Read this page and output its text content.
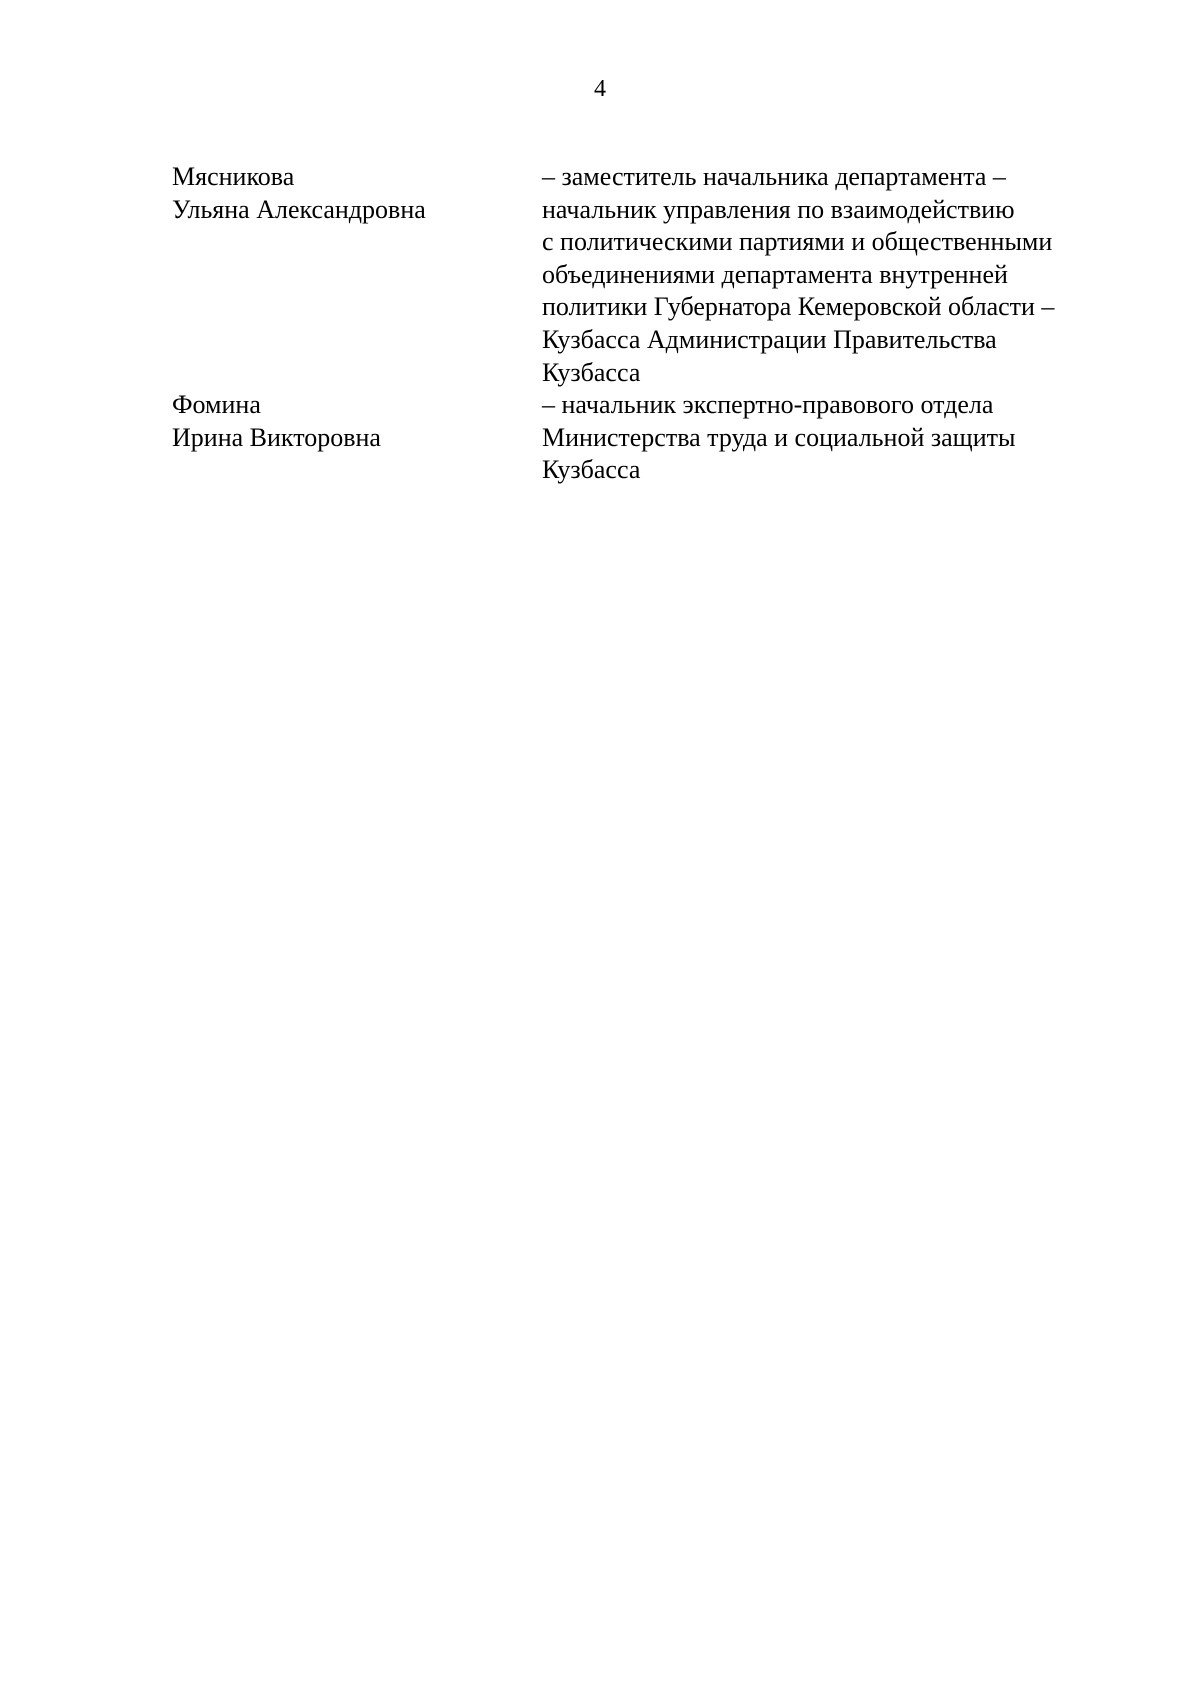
4
Мясникова
Ульяна Александровна
– заместитель начальника департамента –
начальник управления по взаимодействию
с политическими партиями и общественными
объединениями департамента внутренней
политики Губернатора Кемеровской области –
Кузбасса Администрации Правительства
Кузбасса
Фомина
Ирина Викторовна
– начальник экспертно-правового отдела
Министерства труда и социальной защиты
Кузбасса
